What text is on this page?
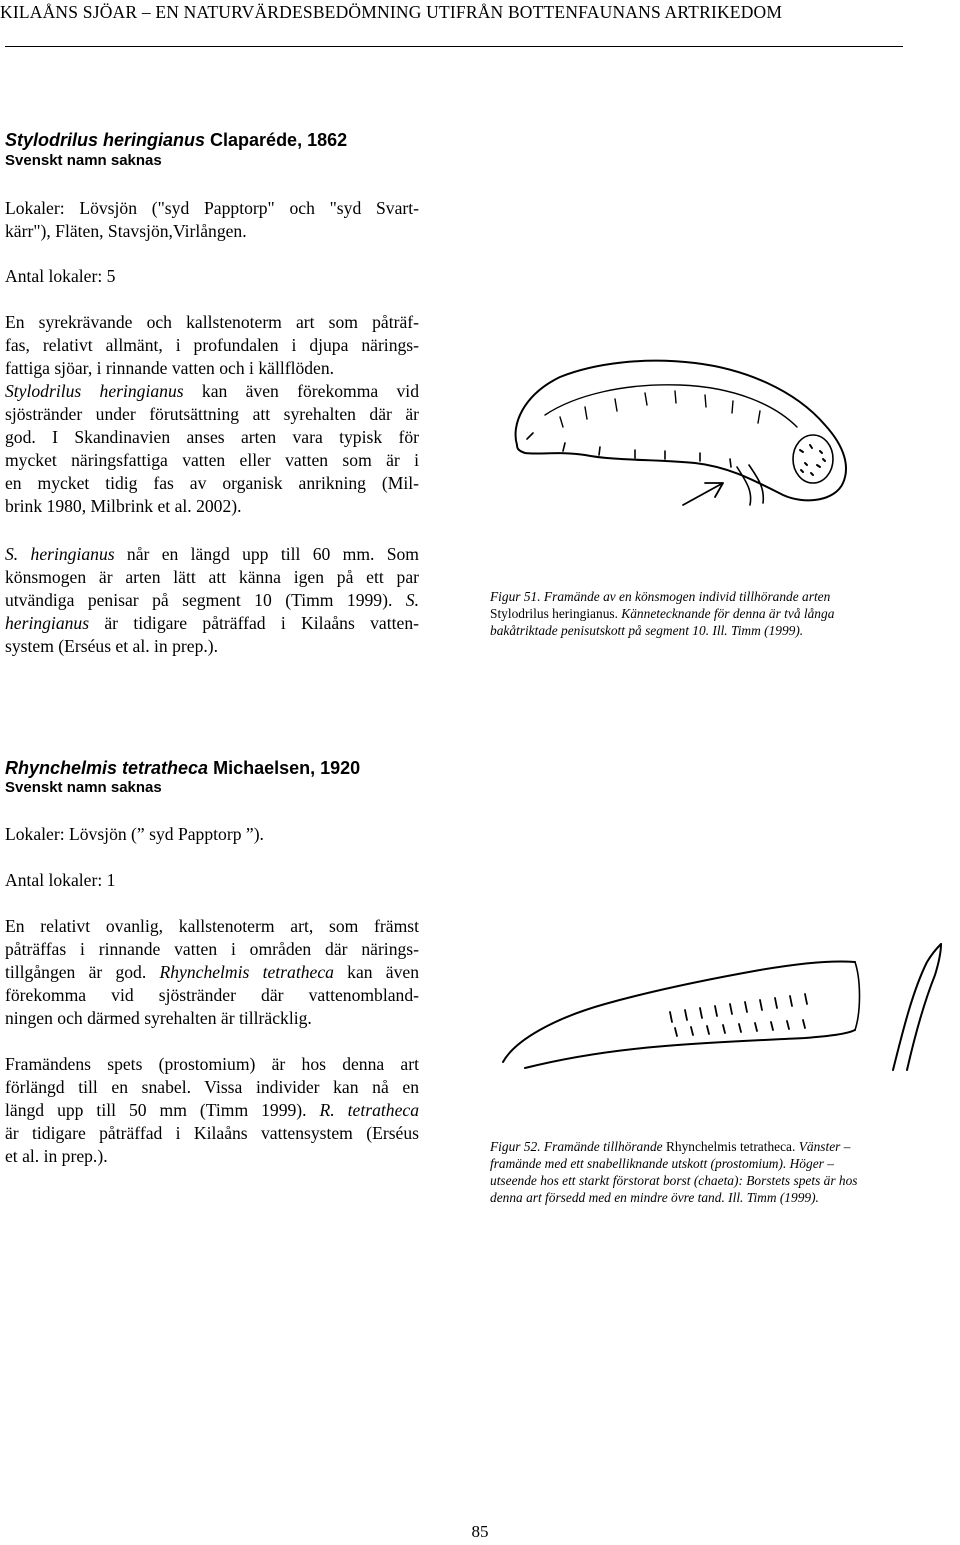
KILAÅNS SJÖAR – EN NATURVÄRDESBEDÖMNING UTIFRÅN BOTTENFAUNANS ARTRIKEDOM
Stylodrilus heringianus Claparéde, 1862
Svenskt namn saknas
Lokaler: Lövsjön ("syd Papptorp" och "syd Svart-
kärr"), Fläten, Stavsjön,Virlången.
Antal lokaler: 5
En syrekrävande och kallstenoterm art som påträf-
fas, relativt allmänt, i profundalen i djupa närings-
fattiga sjöar, i rinnande vatten och i källflöden.
Stylodrilus heringianus kan även förekomma vid
sjöstränder under förutsättning att syrehalten där är
god. I Skandinavien anses arten vara typisk för
mycket näringsfattiga vatten eller vatten som är i
en mycket tidig fas av organisk anrikning (Mil-
brink 1980, Milbrink et al. 2002).
S. heringianus når en längd upp till 60 mm. Som
könsmogen är arten lätt att känna igen på ett par
utvändiga penisar på segment 10 (Timm 1999). S.
heringianus är tidigare påträffad i Kilaåns vatten-
system (Erséus et al. in prep.).
Figur 51. Framände av en könsmogen individ tillhörande arten
Stylodrilus heringianus. Kännetecknande för denna är två långa
bakåtriktade penisutskott på segment 10. Ill. Timm (1999).
Rhynchelmis tetratheca Michaelsen, 1920
Svenskt namn saknas
Lokaler: Lövsjön (” syd Papptorp ”).
Antal lokaler: 1
En relativt ovanlig, kallstenoterm art, som främst
påträffas i rinnande vatten i områden där närings-
tillgången är god. Rhynchelmis tetratheca kan även
förekomma vid sjöstränder där vattenombland-
ningen och därmed syrehalten är tillräcklig.
Framändens spets (prostomium) är hos denna art
förlängd till en snabel. Vissa individer kan nå en
längd upp till 50 mm (Timm 1999). R. tetratheca
är tidigare påträffad i Kilaåns vattensystem (Erséus
et al. in prep.).	Figur 52. Framände tillhörande Rhynchelmis tetratheca. Vänster –
framände med ett snabelliknande utskott (prostomium). Höger –
utseende hos ett starkt förstorat borst (chaeta): Borstets spets är hos
denna art försedd med en mindre övre tand. Ill. Timm (1999).
85
